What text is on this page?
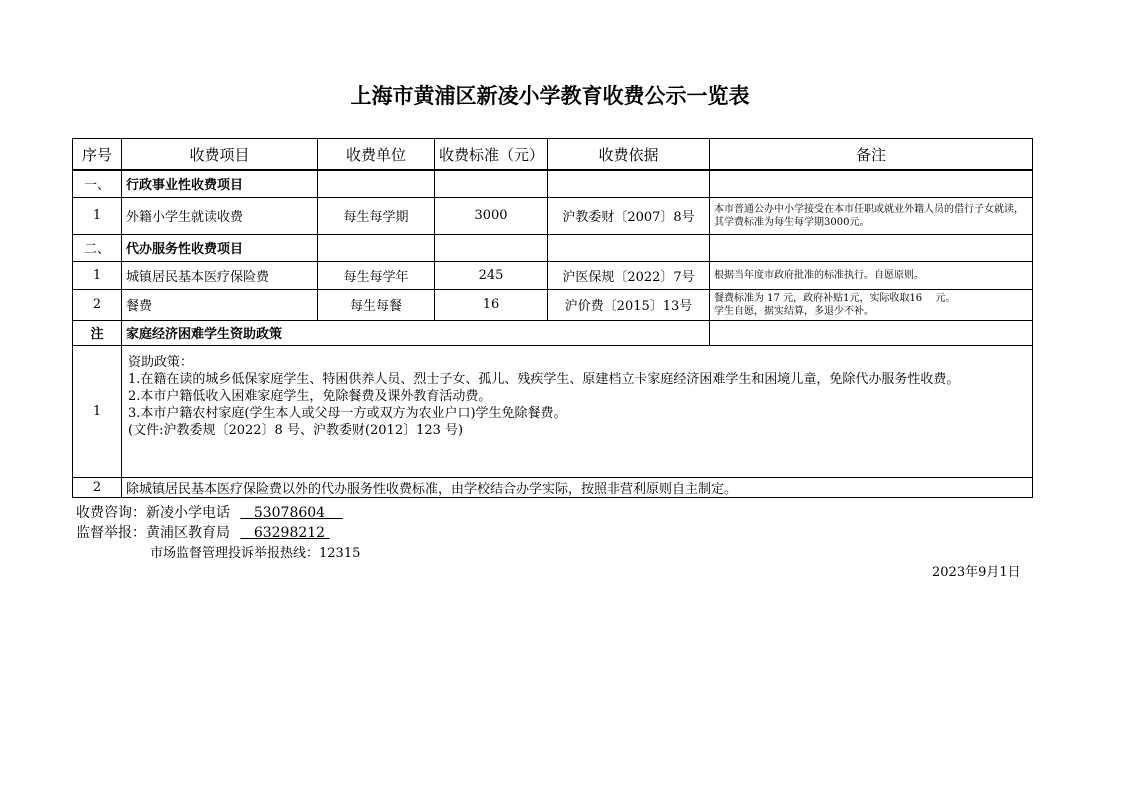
上海市黄浦区新凌小学教育收费公示一览表
序号	收费项目	收费单位	收费标准（元）	收费依据	备注
一、	行政事业性收费项目				
1	外籍小学生就读收费	每生每学期	3000	沪教委财〔2007〕8号	本市普通公办中小学接受在本市任职或就业外籍人员的借行子女就读，其学费标准为每生每学期3000元。
二、	代办服务性收费项目				
1	城镇居民基本医疗保险费	每生每学年	245	沪医保规〔2022〕7号	根据当年度市政府批准的标准执行。自愿原则。
2	餐费	每生每餐	16	沪价费〔2015〕13号	餐费标准为 17 元，政府补贴1元，实际收取16　 元。
学生自愿，据实结算，多退少不补。

注	家庭经济困难学生资助政策				
1	资助政策：
1.在籍在读的城乡低保家庭学生、特困供养人员、烈士子女、孤儿、残疾学生、原建档立卡家庭经济困难学生和困境儿童，免除代办服务性收费。
2.本市户籍低收入困难家庭学生，免除餐费及课外教育活动费。
3.本市户籍农村家庭(学生本人或父母一方或双方为农业户口)学生免除餐费。
(文件:沪教委规〔2022〕8 号、沪教委财(2012〕123 号)				

2	除城镇居民基本医疗保险费以外的代办服务性收费标准，由学校结合办学实际，按照非营利原则自主制定。				
收费咨询：新凌小学电话 53078604
监督举报：黄浦区教育局 63298212
市场监督管理投诉举报热线：12315
2023年9月1日
